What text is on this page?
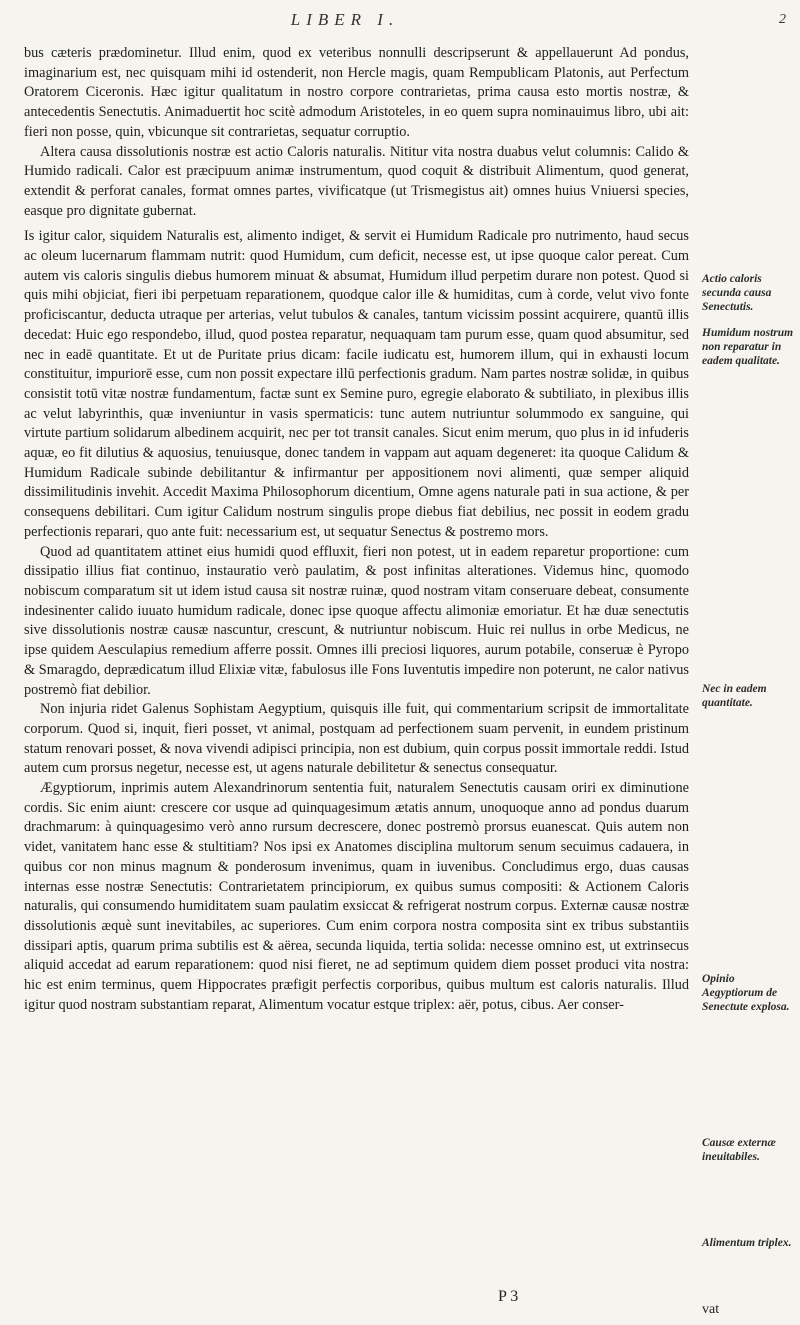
LIBER I.	2

bus cæteris prædominetur. Illud enim, quod ex veteribus nonnulli descripserunt & appellauerunt Ad pondus, imaginarium est, nec quisquam mihi id ostenderit, non Hercle magis, quam Rempublicam Platonis, aut Perfectum Oratorem Ciceronis. Hæc igitur qualitatum in nostro corpore contrarietas, prima causa esto mortis nostræ, & antecedentis Senectutis. Animaduertit hoc scitè admodum Aristoteles, in eo quem supra nominauimus libro, ubi ait: fieri non posse, quin, vbicunque sit contrarietas, sequatur corruptio.

Altera causa dissolutionis nostræ est actio Caloris naturalis. Nititur vita nostra duabus velut columnis: Calido & Humido radicali. Calor est præcipuum animæ instrumentum, quod coquit & distribuit Alimentum, quod generat, extendit & perforat canales, format omnes partes, vivificatque (ut Trismegistus ait) omnes huius Vniuersi species, easque pro dignitate gubernat.

Is igitur calor, siquidem Naturalis est, alimento indiget, & servit ei Humidum Radicale pro nutrimento, haud secus ac oleum lucernarum flammam nutrit: quod Humidum, cum deficit, necesse est, ut ipse quoque calor pereat. Cum autem vis caloris singulis diebus humorem minuat & absumat, Humidum illud perpetim durare non potest. Quod si quis mihi objiciat, fieri ibi perpetuam reparationem, quodque calor ille & humiditas, cum à corde, velut vivo fonte proficiscantur, deducta utraque per arterias, velut tubulos & canales, tantum vicissim possint acquirere, quantū illis decedat: Huic ego respondebo, illud, quod postea reparatur, nequaquam tam purum esse, quam quod absumitur, sed nec in eadē quantitate. Et ut de Puritate prius dicam: facile iudicatu est, humorem illum, qui in exhausti locum constituitur, impuriorē esse, cum non possit expectare illū perfectionis gradum. Nam partes nostræ solidæ, in quibus consistit totū vitæ nostræ fundamentum, factæ sunt ex Semine puro, egregie elaborato & subtiliato, in plexibus illis ac velut labyrinthis, quæ inveniuntur in vasis spermaticis: tunc autem nutriuntur solummodo ex sanguine, qui virtute partium solidarum albedinem acquirit, nec per tot transit canales. Sicut enim merum, quo plus in id infuderis aquæ, eo fit dilutius & aquosius, tenuiusque, donec tandem in vappam aut aquam degeneret: ita quoque Calidum & Humidum Radicale subinde debilitantur & infirmantur per appositionem novi alimenti, quæ semper aliquid dissimilitudinis invehit. Accedit Maxima Philosophorum dicentium, Omne agens naturale pati in sua actione, & per consequens debilitari. Cum igitur Calidum nostrum singulis prope diebus fiat debilius, nec possit in eodem gradu perfectionis reparari, quo ante fuit: necessarium est, ut sequatur Senectus & postremo mors.

Quod ad quantitatem attinet eius humidi quod effluxit, fieri non potest, ut in eadem reparetur proportione: cum dissipatio illius fiat continuo, instauratio verò paulatim, & post infinitas alterationes. Videmus hinc, quomodo nobiscum comparatum sit ut idem istud causa sit nostræ ruinæ, quod nostram vitam conseruare debeat, consumente indesinenter calido iuuato humidum radicale, donec ipse quoque affectu alimoniæ emoriatur. Et hæ duæ senectutis sive dissolutionis nostræ causæ nascuntur, crescunt, & nutriuntur nobiscum. Huic rei nullus in orbe Medicus, ne ipse quidem Aesculapius remedium afferre possit. Omnes illi preciosi liquores, aurum potabile, conseruæ è Pyropo & Smaragdo, deprædicatum illud Elixiæ vitæ, fabulosus ille Fons Iuventutis impedire non poterunt, ne calor nativus postremò fiat debilior.

Non injuria ridet Galenus Sophistam Aegyptium, quisquis ille fuit, qui commentarium scripsit de immortalitate corporum. Quod si, inquit, fieri posset, vt animal, postquam ad perfectionem suam pervenit, in eundem pristinum statum renovari posset, & nova vivendi adipisci principia, non est dubium, quin corpus possit immortale reddi. Istud autem cum prorsus negetur, necesse est, ut agens naturale debilitetur & senectus consequatur.

Ægyptiorum, inprimis autem Alexandrinorum sententia fuit, naturalem Senectutis causam oriri ex diminutione cordis. Sic enim aiunt: crescere cor usque ad quinquagesimum ætatis annum, unoquoque anno ad pondus duarum drachmarum: à quinquagesimo verò anno rursum decrescere, donec postremò prorsus euanescat. Quis autem non videt, vanitatem hanc esse & stultitiam? Nos ipsi ex Anatomes disciplina multorum senum secuimus cadauera, in quibus cor non minus magnum & ponderosum invenimus, quam in iuvenibus. Concludimus ergo, duas causas internas esse nostræ Senectutis: Contrarietatem principiorum, ex quibus sumus compositi: & Actionem Caloris naturalis, qui consumendo humiditatem suam paulatim exsiccat & refrigerat nostrum corpus. Externæ causæ nostræ dissolutionis æquè sunt inevitabiles, ac superiores. Cum enim corpora nostra composita sint ex tribus substantiis dissipari aptis, quarum prima subtilis est & aërea, secunda liquida, tertia solida: necesse omnino est, ut extrinsecus aliquid accedat ad earum reparationem: quod nisi fieret, ne ad septimum quidem diem posset produci vita nostra: hic est enim terminus, quem Hippocrates præfigit perfectis corporibus, quibus multum est caloris naturalis. Illud igitur quod nostram substantiam reparat, Alimentum vocatur estque triplex: aër, potus, cibus. Aer conser-

Actio caloris secunda causa Senectutis.
Humidum nostrum non reparatur in eadem qualitate.
Nec in eadem quantitate.
Opinio Aegyptiorum de Senectute explosa.
Causæ externæ ineuitabiles.
Alimentum triplex.
P 3
vat
